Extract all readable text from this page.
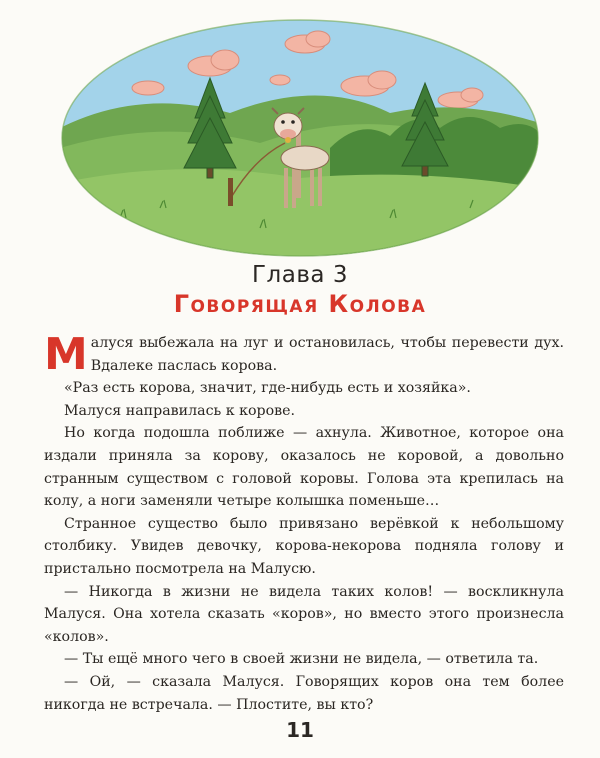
Глава 3
Говорящая Колова

Малуся выбежала на луг и остановилась, чтобы перевести дух. Вдалеке паслась корова.

«Раз есть корова, значит, где-нибудь есть и хозяйка».

Малуся направилась к корове.

Но когда подошла поближе — ахнула. Животное, которое она издали приняла за корову, оказалось не коровой, а довольно странным существом с головой коровы. Голова эта крепилась на колу, а ноги заменяли четыре колышка поменьше…

Странное существо было привязано верёвкой к небольшому столбику. Увидев девочку, корова-некорова подняла голову и пристально посмотрела на Малусю.

— Никогда в жизни не видела таких колов! — воскликнула Малуся. Она хотела сказать «коров», но вместо этого произнесла «колов».

— Ты ещё много чего в своей жизни не видела, — ответила та.

— Ой, — сказала Малуся. Говорящих коров она тем более никогда не встречала. — Плостите, вы кто?

11
